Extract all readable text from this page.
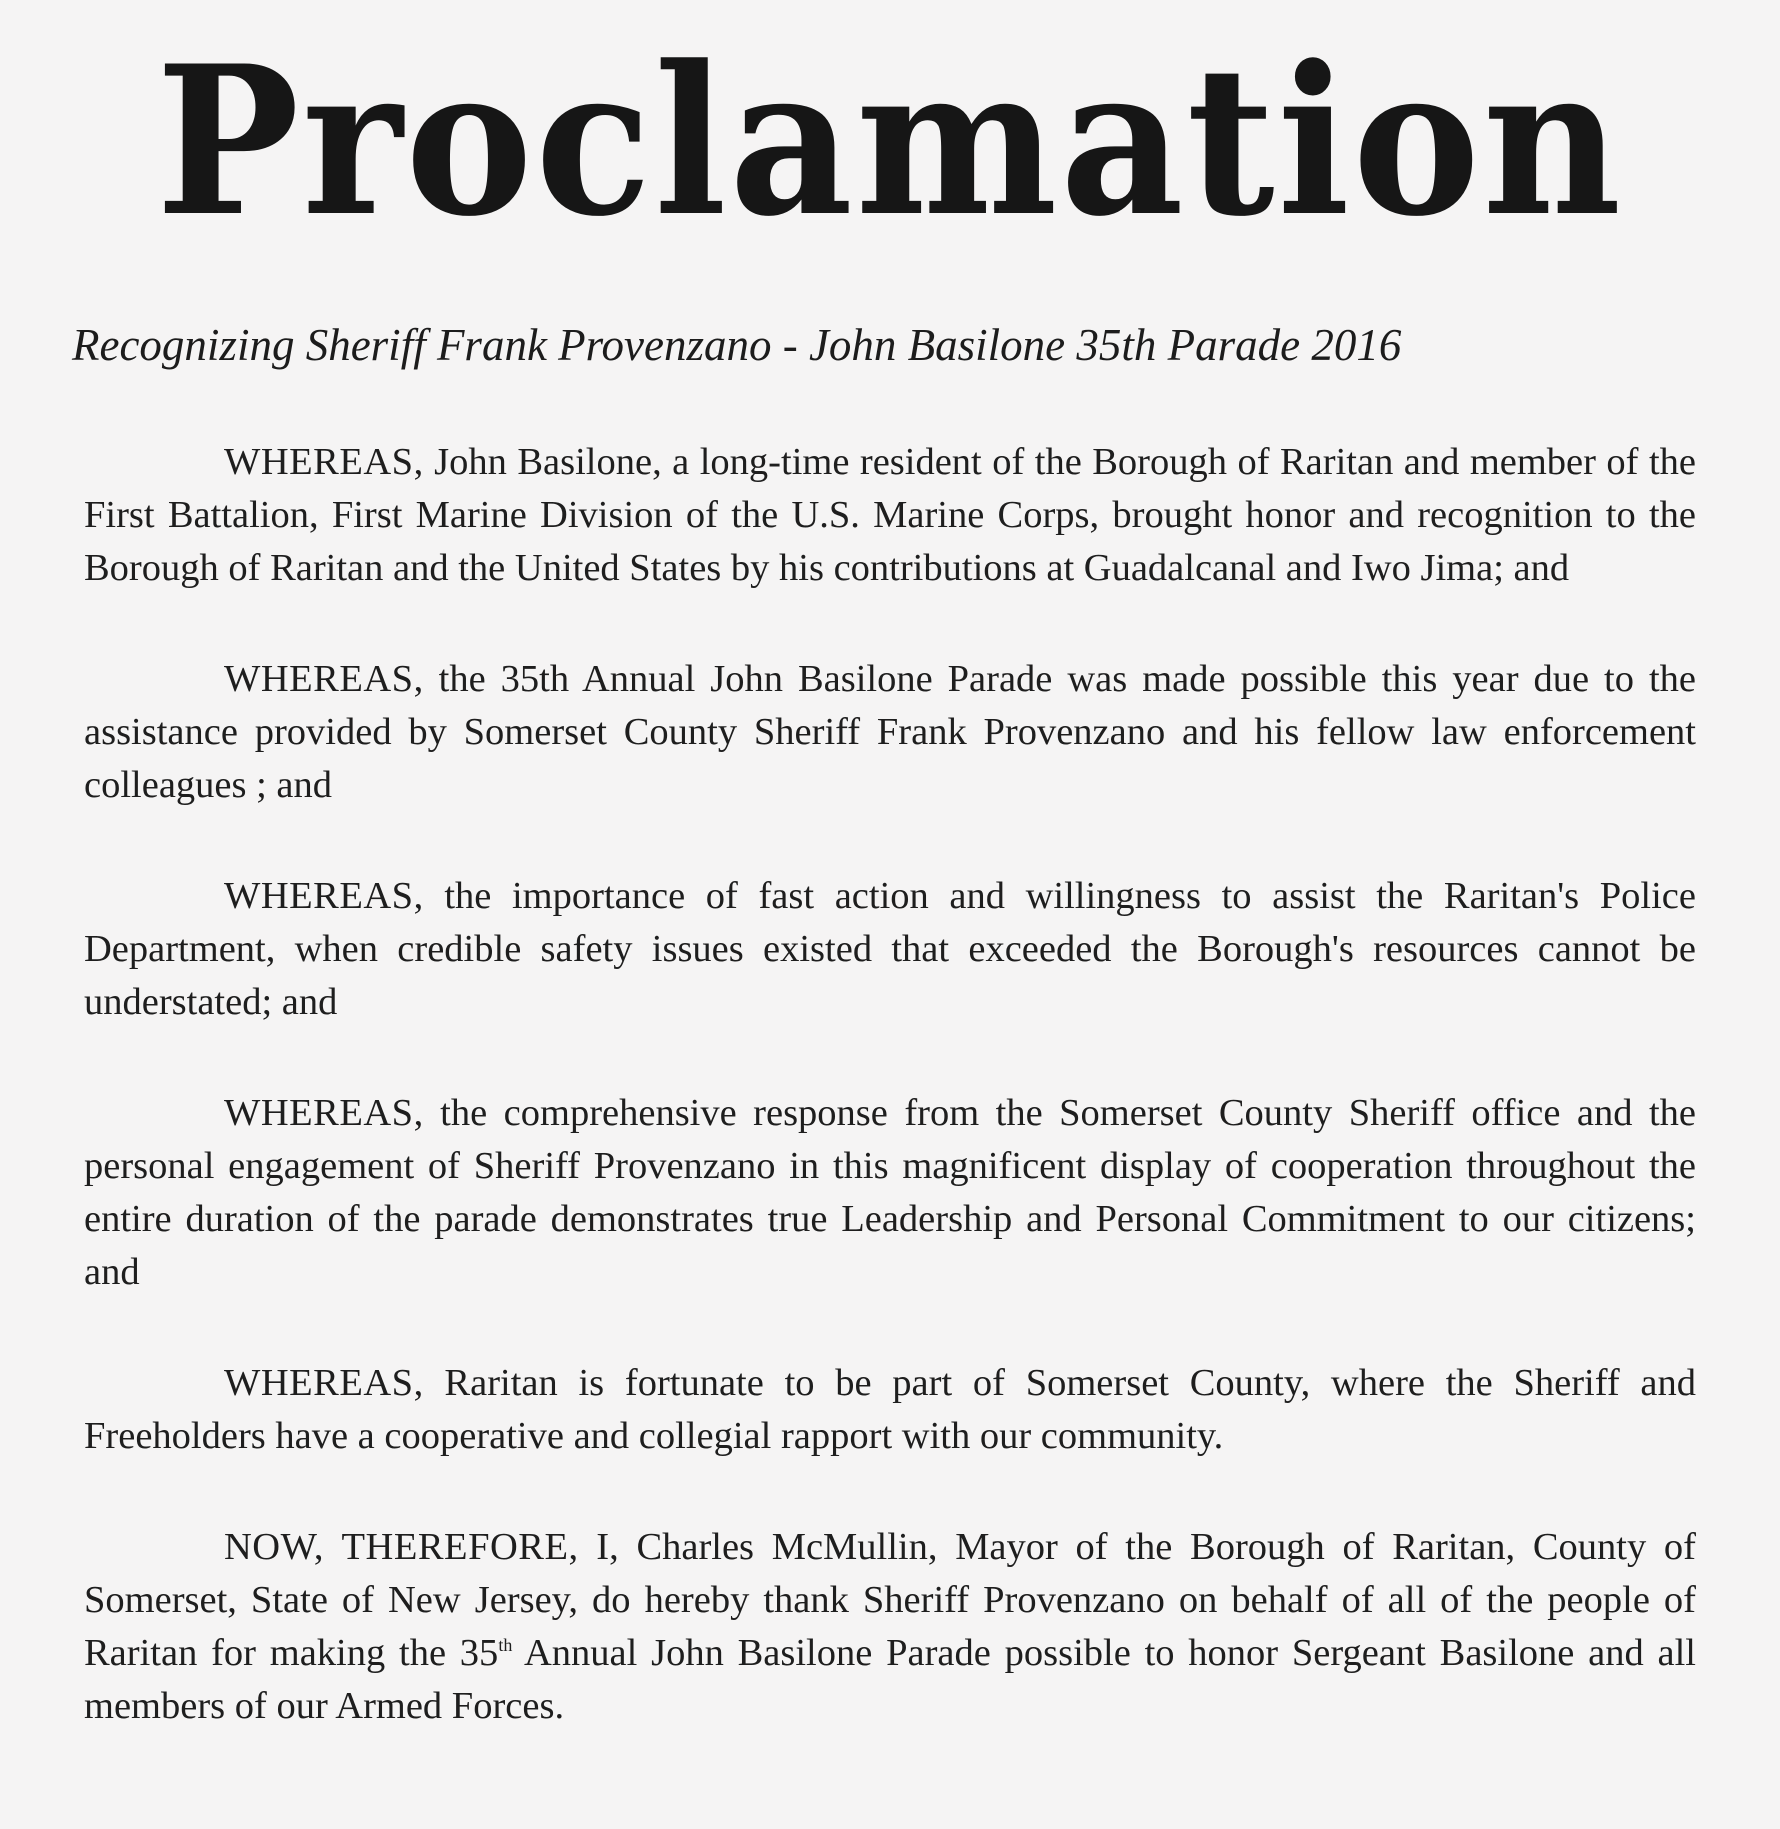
Proclamation

Recognizing Sheriff Frank Provenzano - John Basilone 35th Parade 2016

WHEREAS, John Basilone, a long-time resident of the Borough of Raritan and member of the First Battalion, First Marine Division of the U.S. Marine Corps, brought honor and recognition to the Borough of Raritan and the United States by his contributions at Guadalcanal and Iwo Jima; and

WHEREAS, the 35th Annual John Basilone Parade was made possible this year due to the assistance provided by Somerset County Sheriff Frank Provenzano and his fellow law enforcement colleagues ; and

WHEREAS, the importance of fast action and willingness to assist the Raritan's Police Department, when credible safety issues existed that exceeded the Borough's resources cannot be understated; and

WHEREAS, the comprehensive response from the Somerset County Sheriff office and the personal engagement of Sheriff Provenzano in this magnificent display of cooperation throughout the entire duration of the parade demonstrates true Leadership and Personal Commitment to our citizens; and

WHEREAS, Raritan is fortunate to be part of Somerset County, where the Sheriff and Freeholders have a cooperative and collegial rapport with our community.

NOW, THEREFORE, I, Charles McMullin, Mayor of the Borough of Raritan, County of Somerset, State of New Jersey, do hereby thank Sheriff Provenzano on behalf of all of the people of Raritan for making the 35th Annual John Basilone Parade possible to honor Sergeant Basilone and all members of our Armed Forces.
